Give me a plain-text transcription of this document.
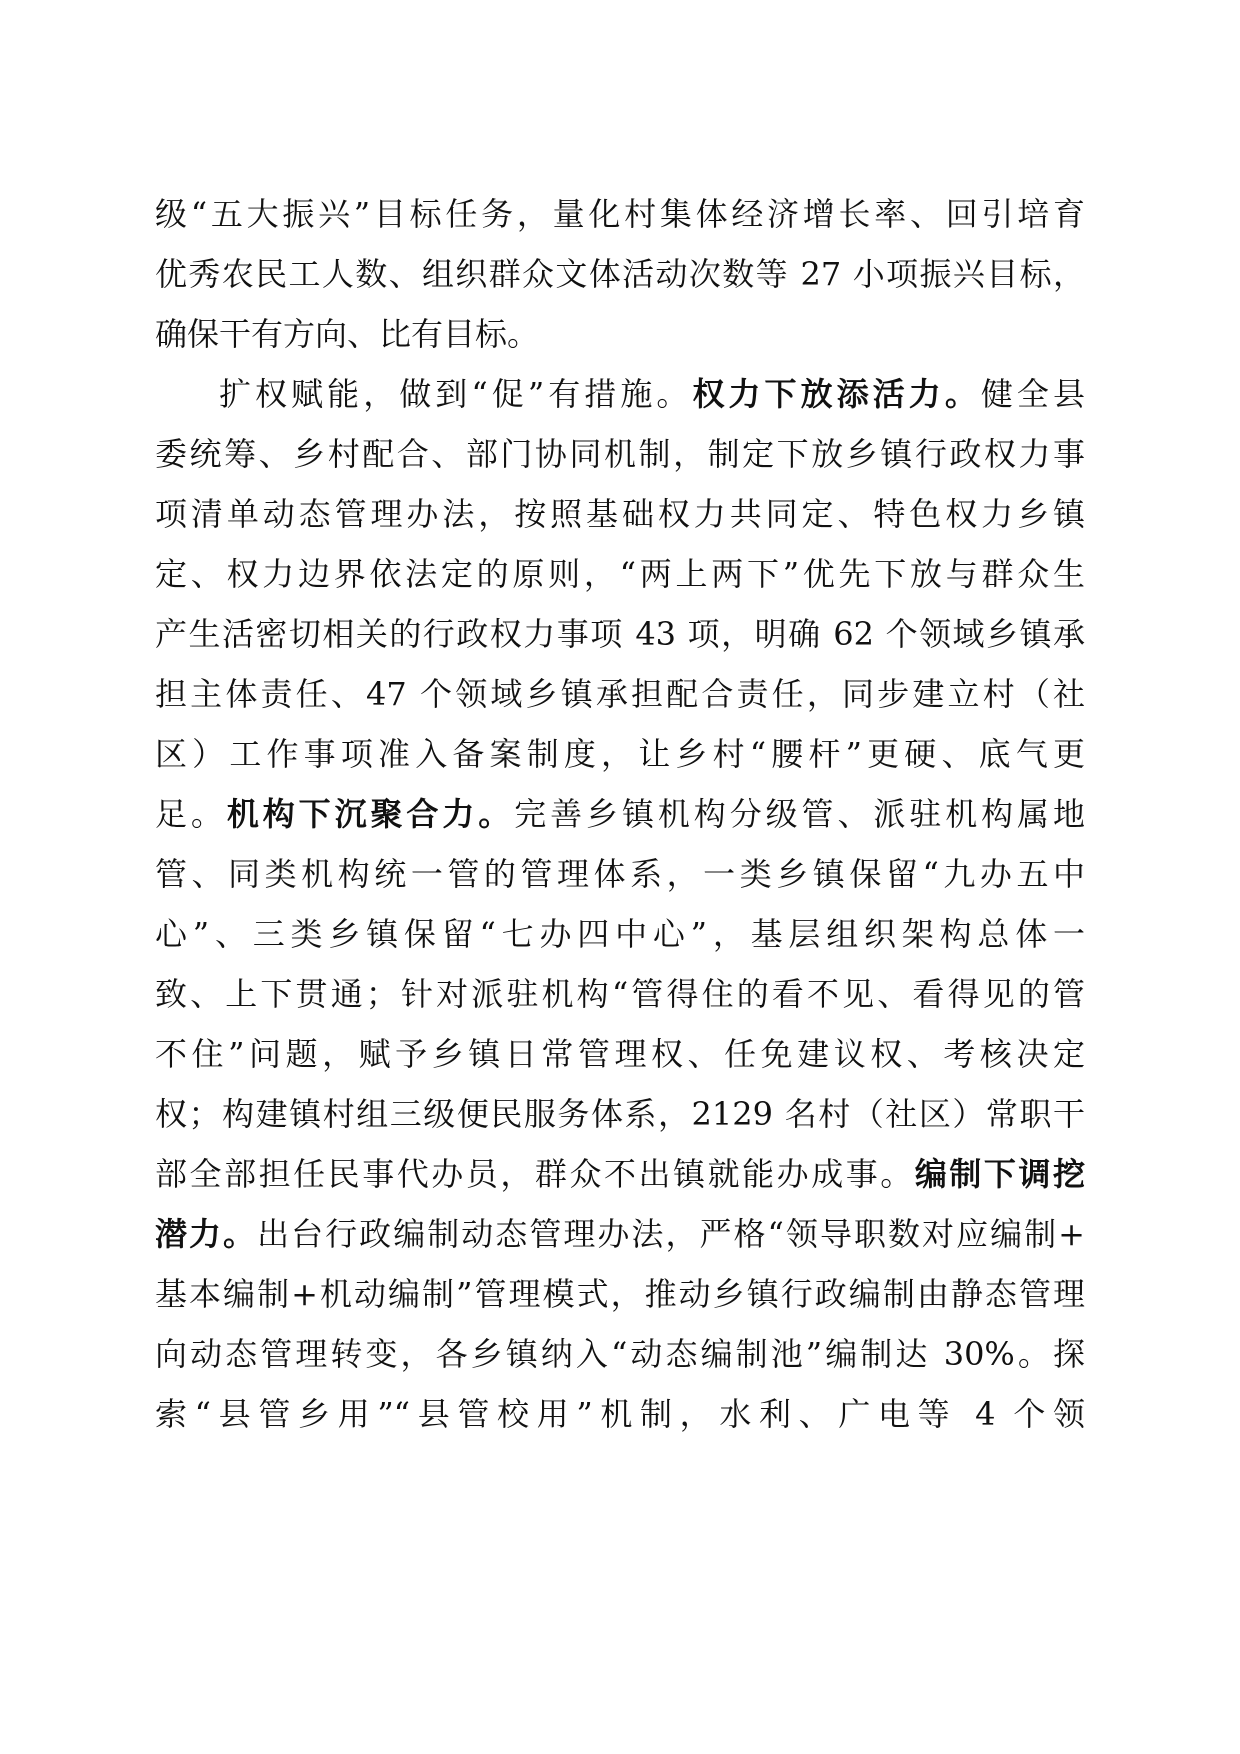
级“五大振兴”目标任务，量化村集体经济增长率、回引培育
优秀农民工人数、组织群众文体活动次数等 27 小项振兴目标，
确保干有方向、比有目标。
扩权赋能，做到“促”有措施。权力下放添活力。健全县
委统筹、乡村配合、部门协同机制，制定下放乡镇行政权力事
项清单动态管理办法，按照基础权力共同定、特色权力乡镇
定、权力边界依法定的原则，“两上两下”优先下放与群众生
产生活密切相关的行政权力事项 43 项，明确 62 个领域乡镇承
担主体责任、47 个领域乡镇承担配合责任，同步建立村（社
区）工作事项准入备案制度，让乡村“腰杆”更硬、底气更
足。机构下沉聚合力。完善乡镇机构分级管、派驻机构属地
管、同类机构统一管的管理体系，一类乡镇保留“九办五中
心”、三类乡镇保留“七办四中心”，基层组织架构总体一
致、上下贯通；针对派驻机构“管得住的看不见、看得见的管
不住”问题，赋予乡镇日常管理权、任免建议权、考核决定
权；构建镇村组三级便民服务体系，2129 名村（社区）常职干
部全部担任民事代办员，群众不出镇就能办成事。编制下调挖
潜力。出台行政编制动态管理办法，严格“领导职数对应编制+
基本编制+机动编制”管理模式，推动乡镇行政编制由静态管理
向动态管理转变，各乡镇纳入“动态编制池”编制达 30%。探
索“县管乡用”“县管校用”机制，水利、广电等 4 个领
